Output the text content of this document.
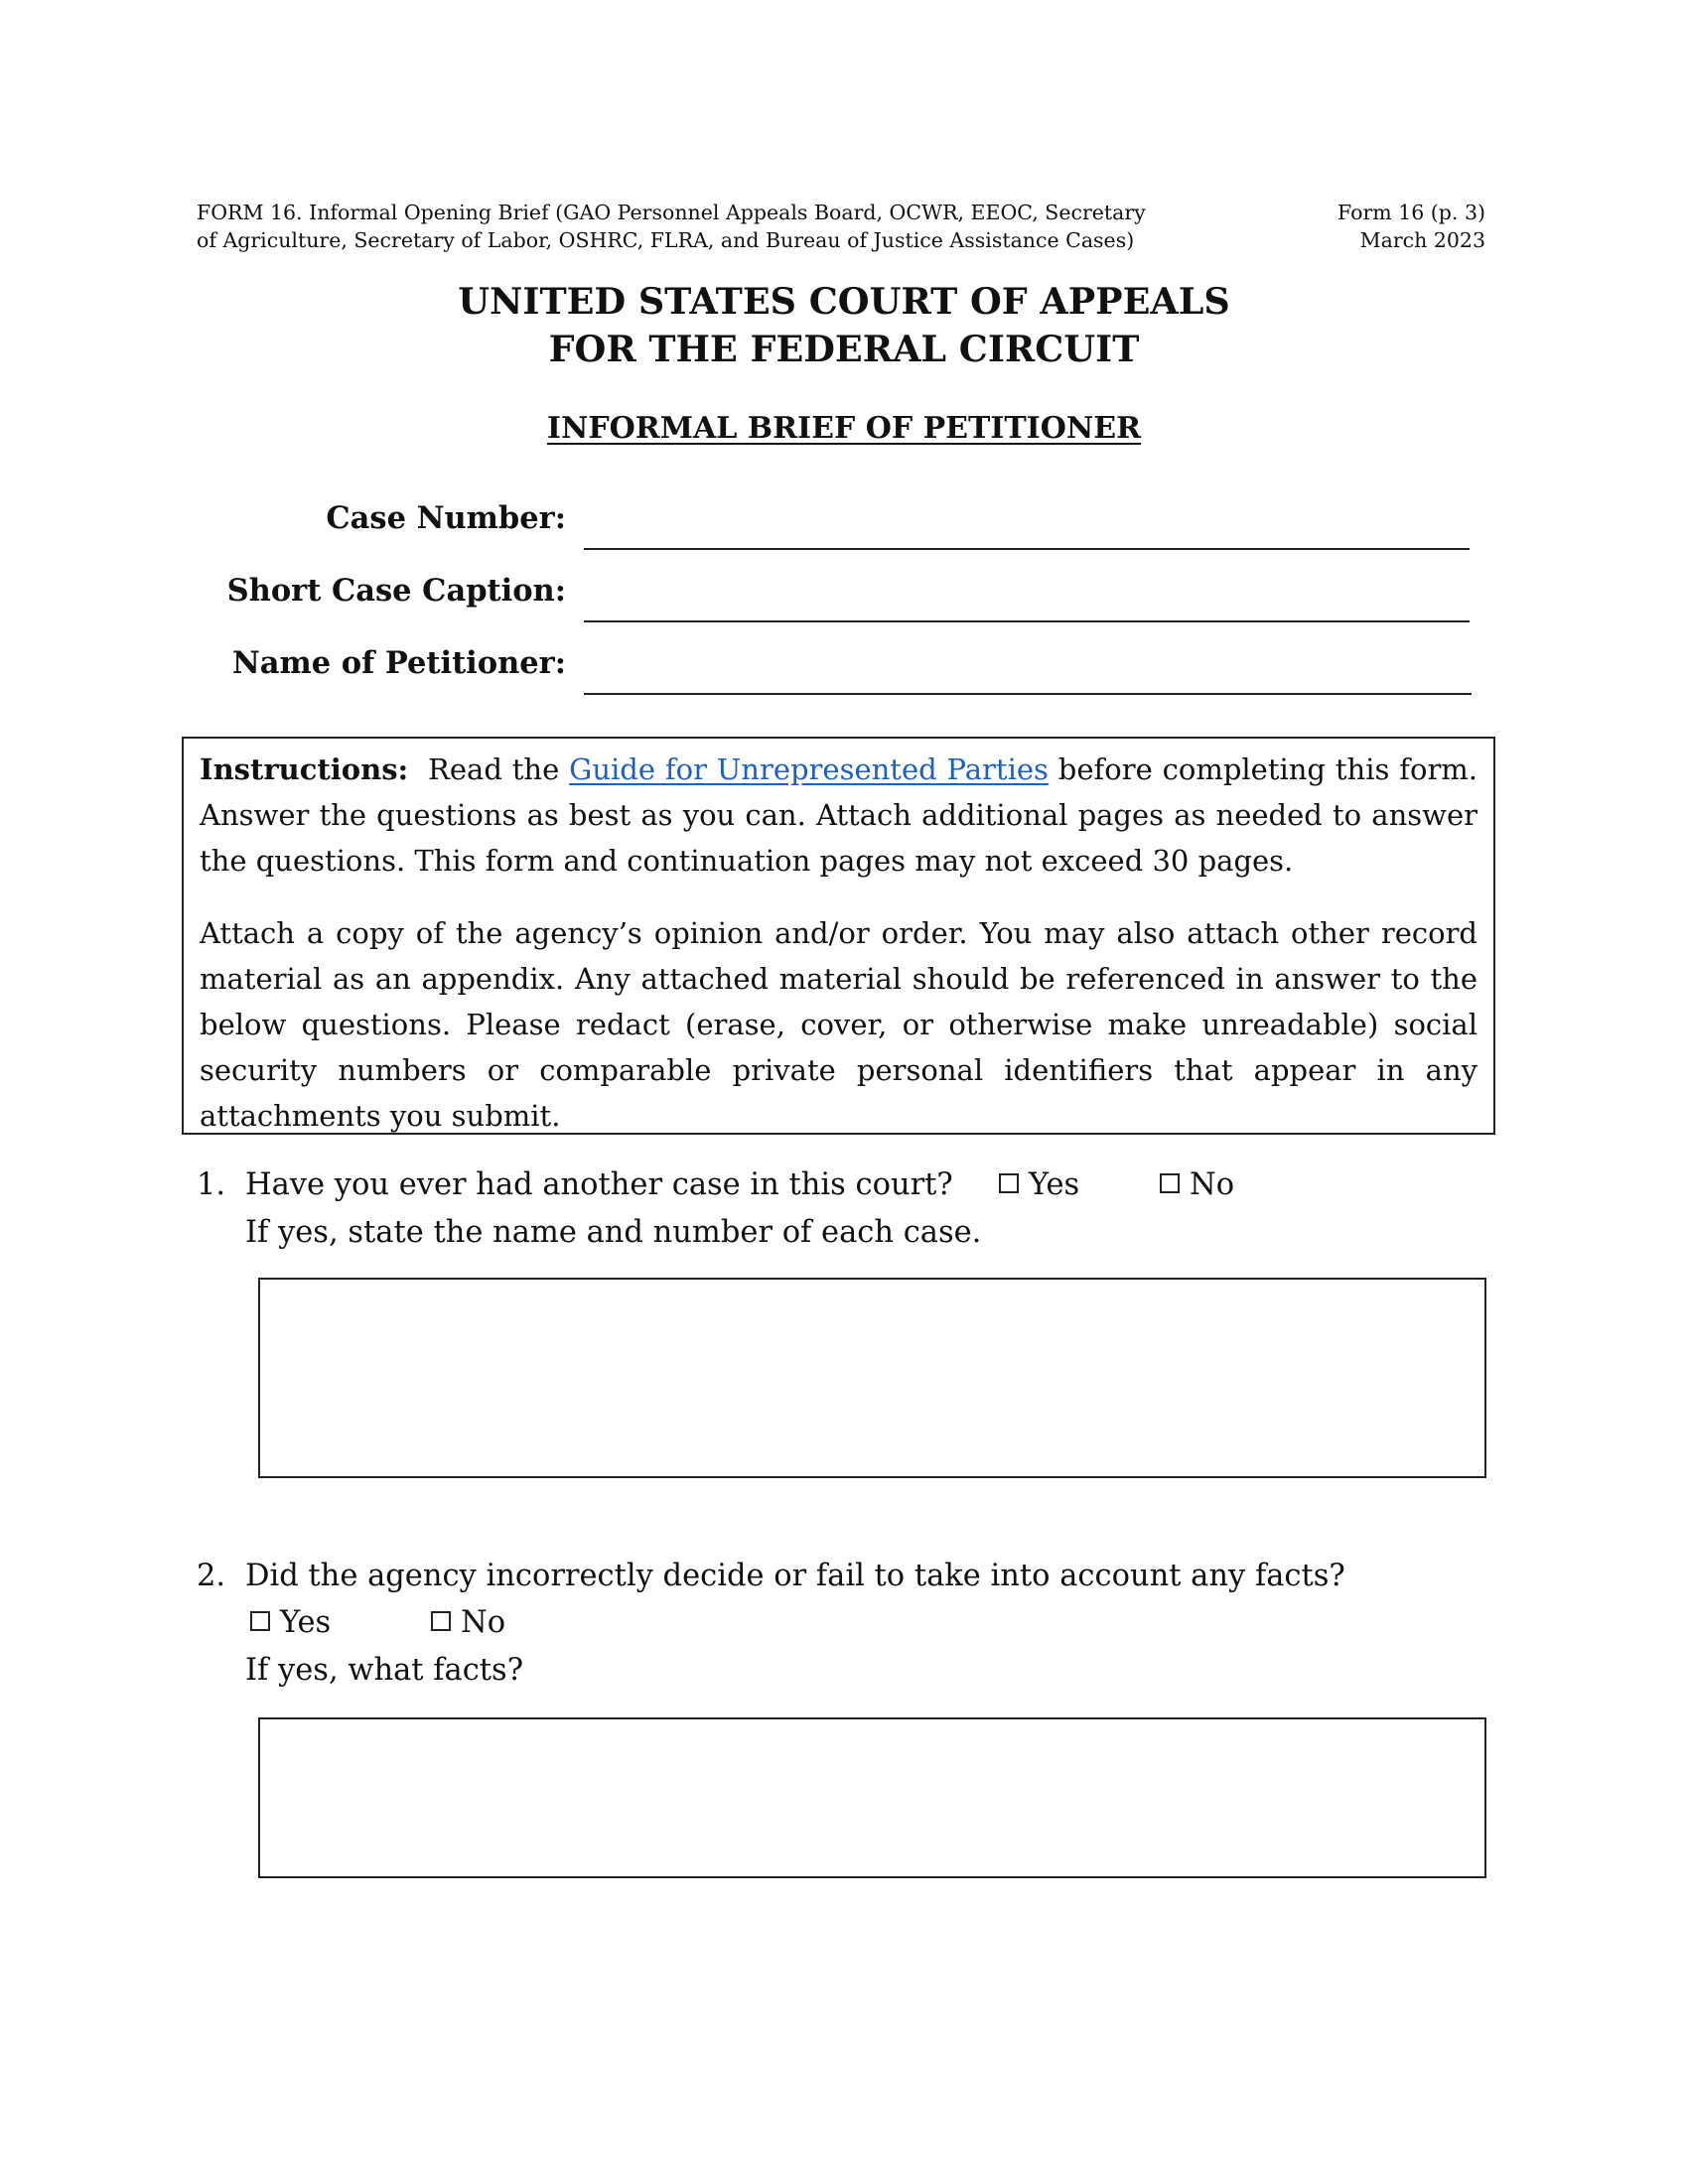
FORM 16. Informal Opening Brief (GAO Personnel Appeals Board, OCWR, EEOC, Secretary
of Agriculture, Secretary of Labor, OSHRC, FLRA, and Bureau of Justice Assistance Cases)
Form 16 (p. 3)
March 2023
UNITED STATES COURT OF APPEALS
FOR THE FEDERAL CIRCUIT
INFORMAL BRIEF OF PETITIONER
Case Number:
Short Case Caption:
Name of Petitioner:

Instructions: Read the Guide for Unrepresented Parties before completing this form. Answer the questions as best as you can. Attach additional pages as needed to answer the questions. This form and continuation pages may not exceed 30 pages.

Attach a copy of the agency’s opinion and/or order. You may also attach other record material as an appendix. Any attached material should be referenced in answer to the below questions. Please redact (erase, cover, or otherwise make unreadable) social security numbers or comparable private personal identifiers that appear in any attachments you submit.

1. Have you ever had another case in this court?	Yes	No
If yes, state the name and number of each case.
2. Did the agency incorrectly decide or fail to take into account any facts?
Yes	No
If yes, what facts?
